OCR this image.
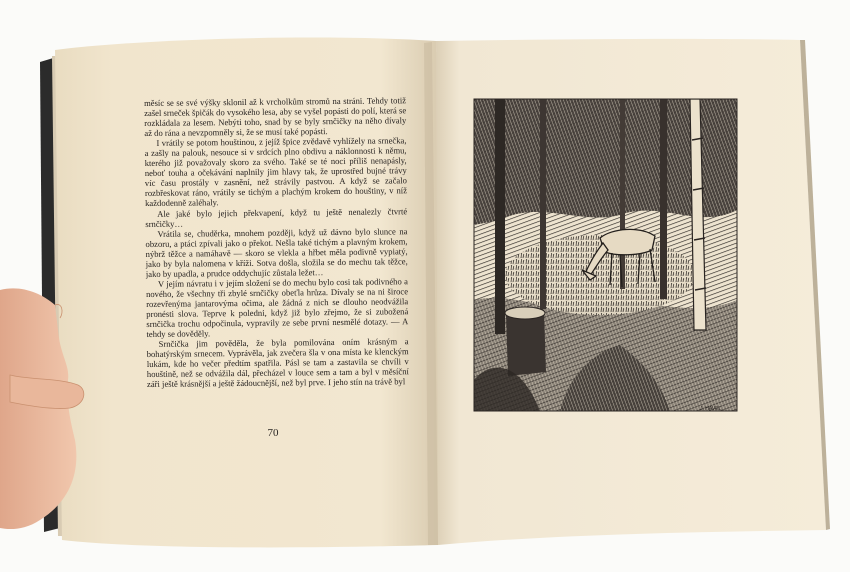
J. HAVEL

měsíc se se své výšky sklonil až k vrcholkům stromů na stráni. Tehdy totiž zašel srneček špičák do vysokého lesa, aby se vyšel popásti do polí, která se rozkládala za lesem. Nebýti toho, snad by se byly srnčičky na něho dívaly až do rána a nevzpomněly si, že se musí také popásti.

I vrátily se potom houštinou, z jejíž špice zvědavě vyhlížely na srnečka, a zašly na palouk, nesouce si v srdcích plno obdivu a náklonnosti k němu, kterého již považovaly skoro za svého. Také se té noci příliš nenapásly, neboť touha a očekávání naplnily jim hlavy tak, že uprostřed bujné trávy víc času prostály v zasnění, než strávily pastvou. A když se začalo rozbřeskovat ráno, vrátily se tichým a plachým krokem do houštiny, v níž každodenně zaléhaly.

Ale jaké bylo jejich překvapení, když tu ještě nenalezly čtvrté srnčičky…

Vrátila se, chuděrka, mnohem později, když už dávno bylo slunce na obzoru, a ptáci zpívali jako o překot. Nešla také tichým a plavným krokem, nýbrž těžce a namáhavě — skoro se vlekla a hřbet měla podivně vypiatý, jako by byla nalomena v kříži. Sotva došla, složila se do mechu tak těžce, jako by upadla, a prudce oddychujíc zůstala ležet…

V jejím návratu i v jejím složení se do mechu bylo cosi tak podivného a nového, že všechny tři zbylé srnčičky obeťla hrůza. Dívaly se na ni široce rozevřenýma jantarovýma očima, ale žádná z nich se dlouho neodvážila pronésti slova. Teprve k poledni, když již bylo zřejmo, že si zubožená srnčička trochu odpočinula, vypravily ze sebe první nesmělé dotazy. — A tehdy se dověděly.

Srnčička jim pověděla, že byla pomilována oním krásným a bohatýrským srnecem. Vyprávěla, jak zvečera šla v ona místa ke klenckým lukám, kde ho večer předtím spatřila. Pásl se tam a zastavila se chvíli v houštině, než se odvážila dál, přecházel v louce sem a tam a byl v měsíční záři ještě krásnější a ještě žádoucnější, než byl prve. I jeho stín na trávě byl

70
